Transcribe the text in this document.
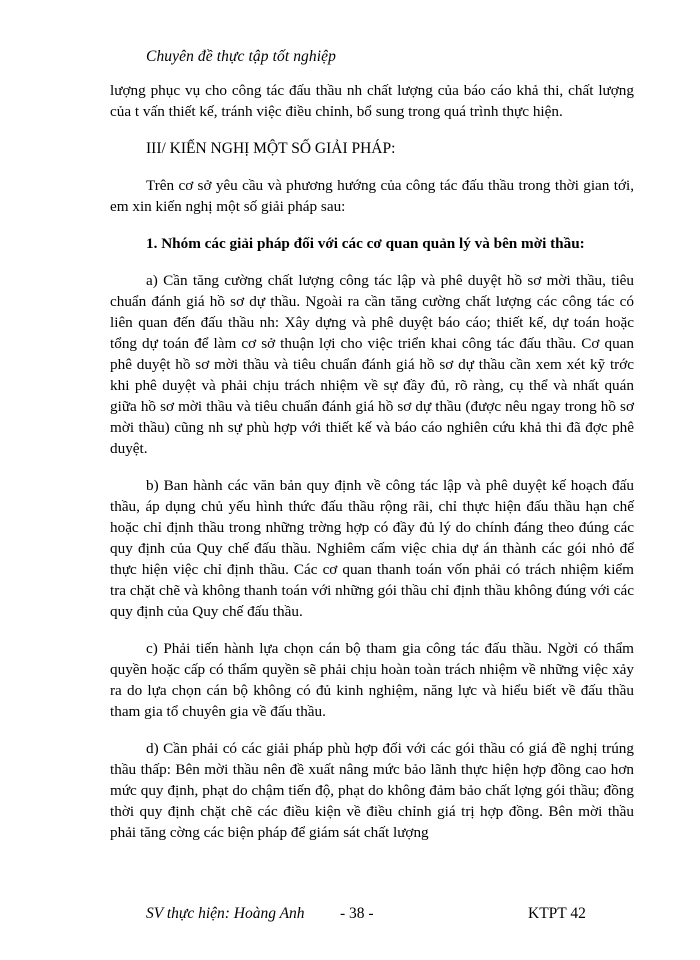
Chuyên đề thực tập tốt nghiệp

lượng phục vụ cho công tác đấu thầu nh chất lượng của báo cáo khả thi, chất lượng của t vấn thiết kế, tránh việc điều chỉnh, bổ sung trong quá trình thực hiện.

III/ KIẾN NGHỊ MỘT SỐ GIẢI PHÁP:

Trên cơ sở yêu cầu và phương hướng của công tác đấu thầu trong thời gian tới, em xin kiến nghị một số giải pháp sau:

1. Nhóm các giải pháp đối với các cơ quan quản lý và bên mời thầu:

a) Cần tăng cường chất lượng công tác lập và phê duyệt hồ sơ mời thầu, tiêu chuẩn đánh giá hồ sơ dự thầu. Ngoài ra cần tăng cường chất lượng các công tác có liên quan đến đấu thầu nh: Xây dựng và phê duyệt báo cáo; thiết kế, dự toán hoặc tổng dự toán để làm cơ sở thuận lợi cho việc triển khai công tác đấu thầu. Cơ quan phê duyệt hồ sơ mời thầu và tiêu chuẩn đánh giá hồ sơ dự thầu cần xem xét kỹ trớc khi phê duyệt và phải chịu trách nhiệm về sự đầy đủ, rõ ràng, cụ thể và nhất quán giữa hồ sơ mời thầu và tiêu chuẩn đánh giá hồ sơ dự thầu (được nêu ngay trong hồ sơ mời thầu) cũng nh sự phù hợp với thiết kế và báo cáo nghiên cứu khả thi đã đợc phê duyệt.

b) Ban hành các văn bản quy định về công tác lập và phê duyệt kế hoạch đấu thầu, áp dụng chủ yếu hình thức đấu thầu rộng rãi, chỉ thực hiện đấu thầu hạn chế hoặc chỉ định thầu trong những trờng hợp có đầy đủ lý do chính đáng theo đúng các quy định của Quy chế đấu thầu. Nghiêm cấm việc chia dự án thành các gói nhỏ để thực hiện việc chỉ định thầu. Các cơ quan thanh toán vốn phải có trách nhiệm kiểm tra chặt chẽ và không thanh toán với những gói thầu chỉ định thầu không đúng với các quy định của Quy chế đấu thầu.

c) Phải tiến hành lựa chọn cán bộ tham gia công tác đấu thầu. Ngời có thẩm quyền hoặc cấp có thẩm quyền sẽ phải chịu hoàn toàn trách nhiệm về những việc xảy ra do lựa chọn cán bộ không có đủ kinh nghiệm, năng lực và hiểu biết về đấu thầu tham gia tổ chuyên gia về đấu thầu.

d) Cần phải có các giải pháp phù hợp đối với các gói thầu có giá đề nghị trúng thầu thấp: Bên mời thầu nên đề xuất nâng mức bảo lãnh thực hiện hợp đồng cao hơn mức quy định, phạt do chậm tiến độ, phạt do không đảm bảo chất lợng gói thầu; đồng thời quy định chặt chẽ các điều kiện về điều chỉnh giá trị hợp đồng. Bên mời thầu phải tăng cờng các biện pháp để giám sát chất lượng

SV thực hiện: Hoàng Anh - 38 -	KTPT 42
